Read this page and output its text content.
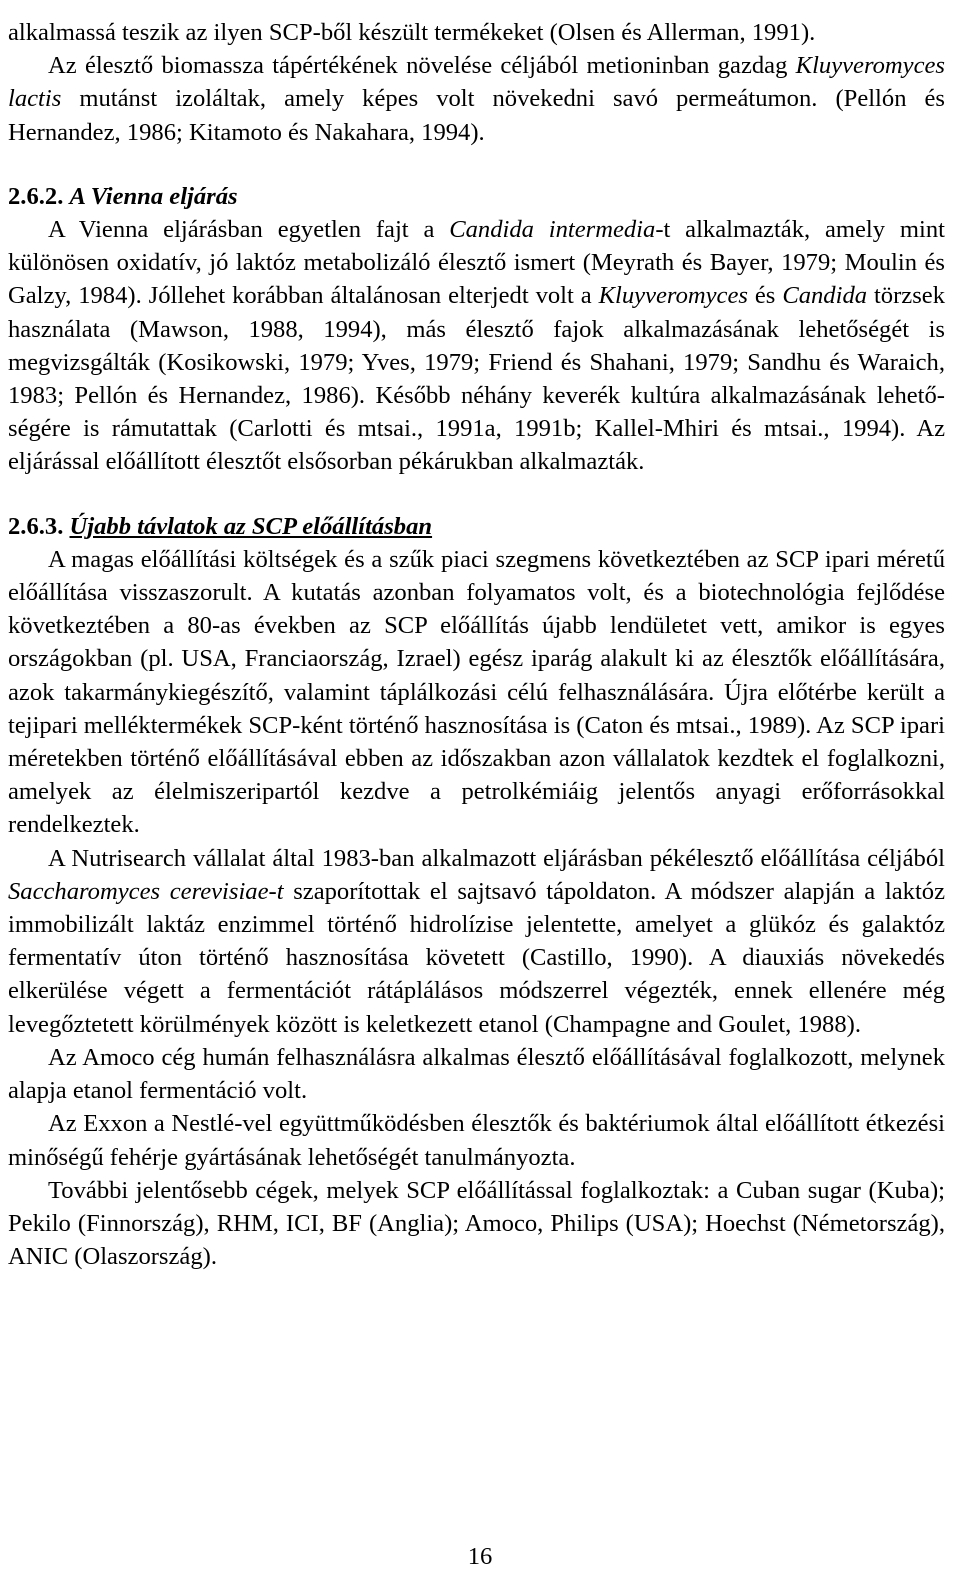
alkalmassá teszik az ilyen SCP-ből készült termékeket (Olsen és Allerman, 1991).

Az élesztő biomassza tápértékének növelése céljából metioninban gazdag Kluyveromyces lactis mutánst izoláltak, amely képes volt növekedni savó permeátumon. (Pellón és Hernandez, 1986; Kitamoto és Nakahara, 1994).

2.6.2. A Vienna eljárás

A Vienna eljárásban egyetlen fajt a Candida intermedia-t alkalmazták, amely mint különösen oxidatív, jó laktóz metabolizáló élesztő ismert (Meyrath és Bayer, 1979; Moulin és Galzy, 1984). Jóllehet korábban általánosan elterjedt volt a Kluyveromyces és Candida törzsek használata (Mawson, 1988, 1994), más élesztő fajok alkalmazásának lehetőségét is megvizsgálták (Kosikowski, 1979; Yves, 1979; Friend és Shahani, 1979; Sandhu és Waraich, 1983; Pellón és Hernandez, 1986). Később néhány keverék kultúra alkalmazásának lehetőségére is rámutattak (Carlotti és mtsai., 1991a, 1991b; Kallel-Mhiri és mtsai., 1994). Az eljárással előállított élesztőt elsősorban pékárukban alkalmazták.

2.6.3. Újabb távlatok az SCP előállításban

A magas előállítási költségek és a szűk piaci szegmens következtében az SCP ipari méretű előállítása visszaszorult. A kutatás azonban folyamatos volt, és a biotechnológia fejlődése következtében a 80-as években az SCP előállítás újabb lendületet vett, amikor is egyes országokban (pl. USA, Franciaország, Izrael) egész iparág alakult ki az élesztők előállítására, azok takarmánykiegészítő, valamint táplálkozási célú felhasználására. Újra előtérbe került a tejipari melléktermékek SCP-ként történő hasznosítása is (Caton és mtsai., 1989). Az SCP ipari méretekben történő előállításával ebben az időszakban azon vállalatok kezdtek el foglalkozni, amelyek az élelmiszeripartól kezdve a petrolkémiáig jelentős anyagi erőforrásokkal rendelkeztek.

A Nutrisearch vállalat által 1983-ban alkalmazott eljárásban pékélesztő előállítása céljából Saccharomyces cerevisiae-t szaporítottak el sajtsavó tápoldaton. A módszer alapján a laktóz immobilizált laktáz enzimmel történő hidrolízise jelentette, amelyet a glükóz és galaktóz fermentatív úton történő hasznosítása követett (Castillo, 1990). A diauxiás növekedés elkerülése végett a fermentációt rátáplálásos módszerrel végezték, ennek ellenére még levegőztetett körülmények között is keletkezett etanol (Champagne and Goulet, 1988).

Az Amoco cég humán felhasználásra alkalmas élesztő előállításával foglalkozott, melynek alapja etanol fermentáció volt.

Az Exxon a Nestlé-vel együttműködésben élesztők és baktériumok által előállított étkezési minőségű fehérje gyártásának lehetőségét tanulmányozta.

További jelentősebb cégek, melyek SCP előállítással foglalkoztak: a Cuban sugar (Kuba); Pekilo (Finnország), RHM, ICI, BF (Anglia); Amoco, Philips (USA); Hoechst (Németország), ANIC (Olaszország).

16
